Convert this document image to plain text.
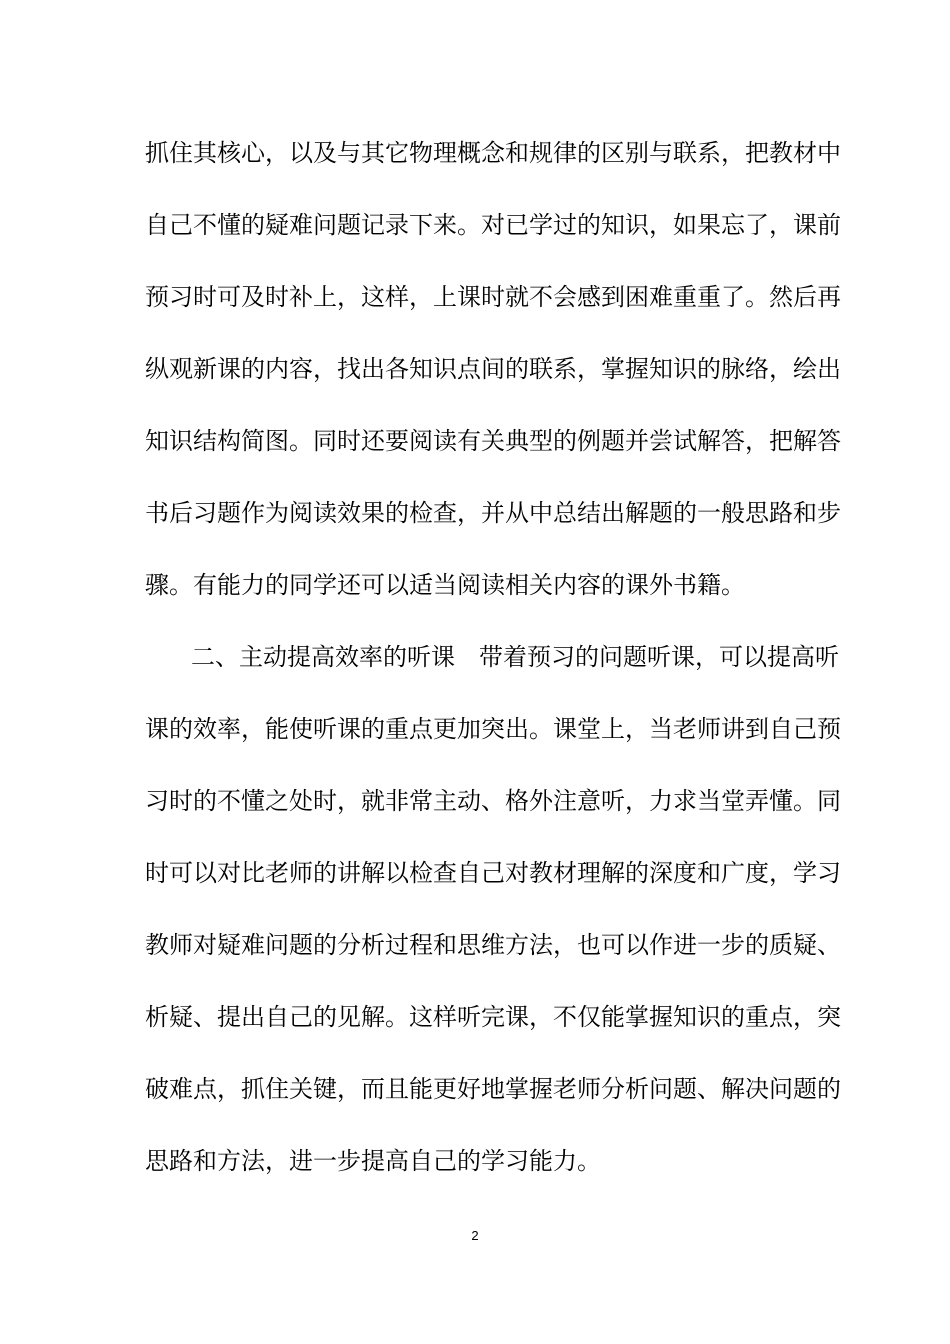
抓住其核心，以及与其它物理概念和规律的区别与联系，把教材中
自己不懂的疑难问题记录下来。对已学过的知识，如果忘了，课前
预习时可及时补上，这样，上课时就不会感到困难重重了。然后再
纵观新课的内容，找出各知识点间的联系，掌握知识的脉络，绘出
知识结构简图。同时还要阅读有关典型的例题并尝试解答，把解答
书后习题作为阅读效果的检查，并从中总结出解题的一般思路和步
骤。有能力的同学还可以适当阅读相关内容的课外书籍。
二、主动提高效率的听课　带着预习的问题听课，可以提高听
课的效率，能使听课的重点更加突出。课堂上，当老师讲到自己预
习时的不懂之处时，就非常主动、格外注意听，力求当堂弄懂。同
时可以对比老师的讲解以检查自己对教材理解的深度和广度，学习
教师对疑难问题的分析过程和思维方法，也可以作进一步的质疑、
析疑、提出自己的见解。这样听完课，不仅能掌握知识的重点，突
破难点，抓住关键，而且能更好地掌握老师分析问题、解决问题的
思路和方法，进一步提高自己的学习能力。
2
